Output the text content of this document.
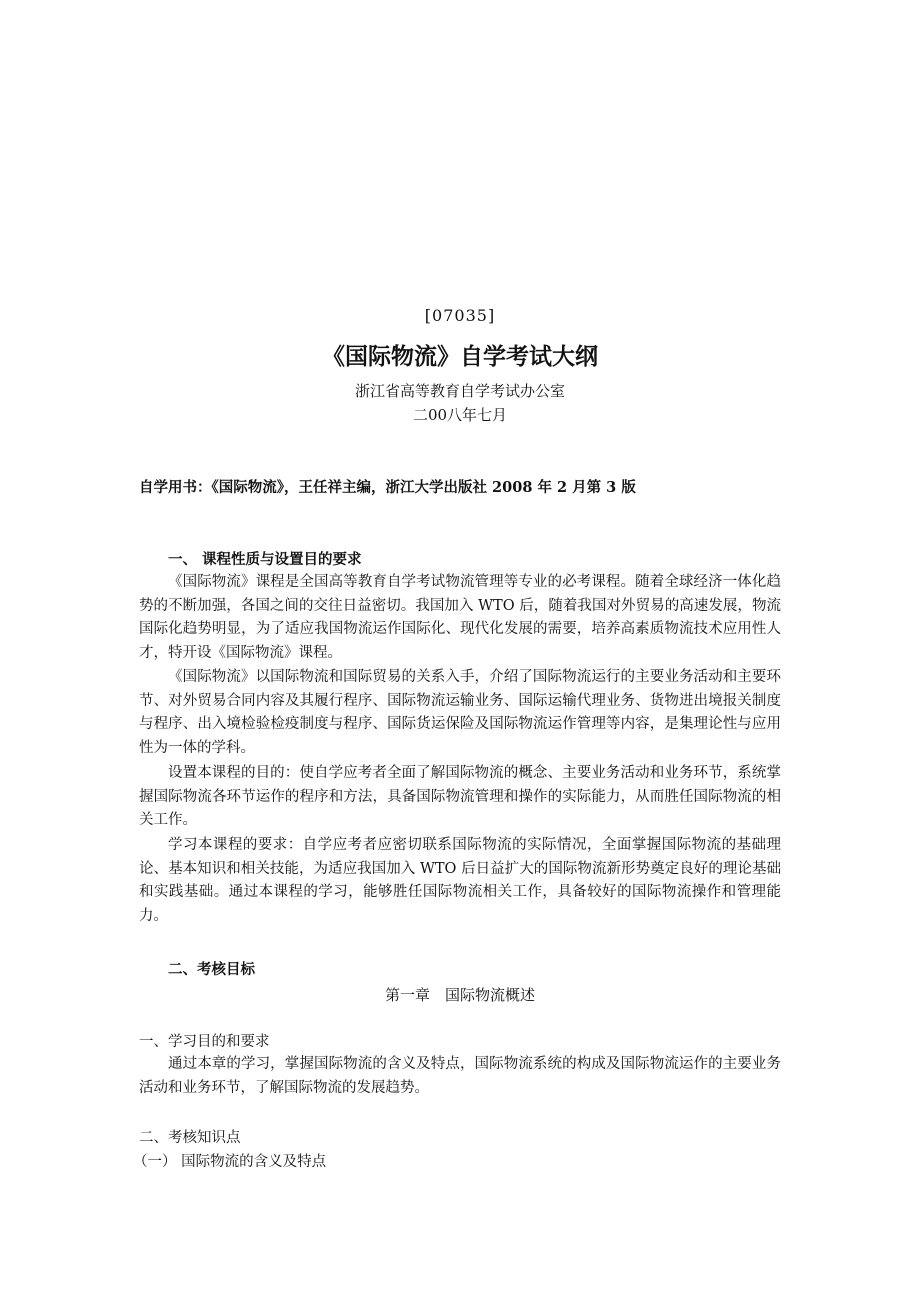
[07035]
《国际物流》自学考试大纲
浙江省高等教育自学考试办公室
二00八年七月
自学用书：《国际物流》，王任祥主编，浙江大学出版社 2008 年 2 月第 3 版
一、 课程性质与设置目的要求
《国际物流》课程是全国高等教育自学考试物流管理等专业的必考课程。随着全球经济一体化趋势的不断加强，各国之间的交往日益密切。我国加入 WTO 后，随着我国对外贸易的高速发展，物流国际化趋势明显，为了适应我国物流运作国际化、现代化发展的需要，培养高素质物流技术应用性人才，特开设《国际物流》课程。
《国际物流》以国际物流和国际贸易的关系入手，介绍了国际物流运行的主要业务活动和主要环节、对外贸易合同内容及其履行程序、国际物流运输业务、国际运输代理业务、货物进出境报关制度与程序、出入境检验检疫制度与程序、国际货运保险及国际物流运作管理等内容，是集理论性与应用性为一体的学科。
设置本课程的目的：使自学应考者全面了解国际物流的概念、主要业务活动和业务环节，系统掌握国际物流各环节运作的程序和方法，具备国际物流管理和操作的实际能力，从而胜任国际物流的相关工作。
学习本课程的要求：自学应考者应密切联系国际物流的实际情况，全面掌握国际物流的基础理论、基本知识和相关技能，为适应我国加入 WTO 后日益扩大的国际物流新形势奠定良好的理论基础和实践基础。通过本课程的学习，能够胜任国际物流相关工作，具备较好的国际物流操作和管理能力。
二、考核目标
第一章　国际物流概述
一、学习目的和要求
通过本章的学习，掌握国际物流的含义及特点，国际物流系统的构成及国际物流运作的主要业务活动和业务环节，了解国际物流的发展趋势。
二、考核知识点
（一） 国际物流的含义及特点
